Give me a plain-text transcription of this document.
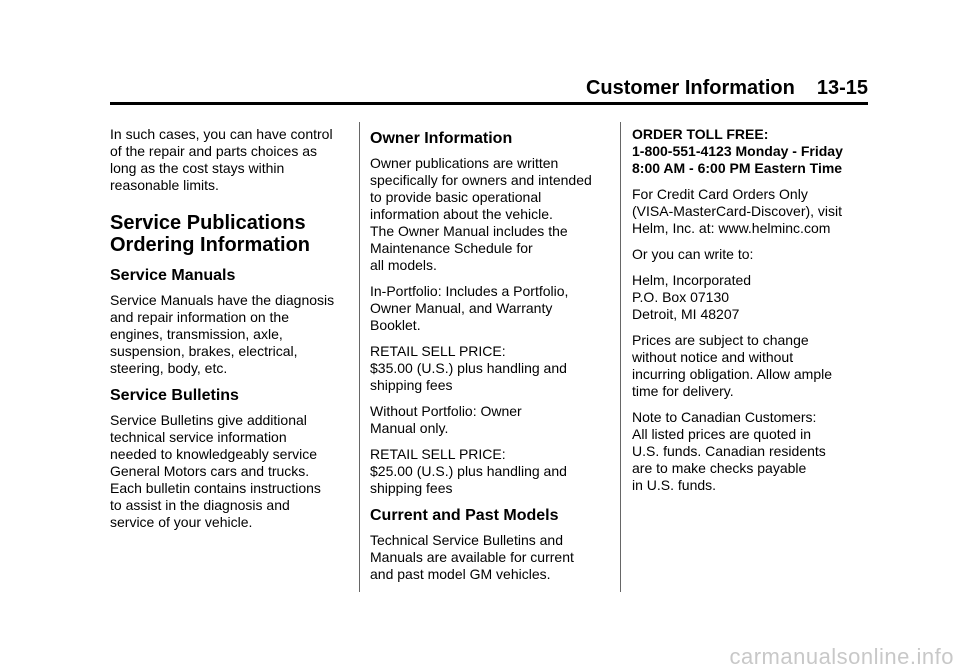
Customer Information 13-15

In such cases, you can have control
of the repair and parts choices as
long as the cost stays within
reasonable limits.

Service Publications
Ordering Information
Service Manuals

Service Manuals have the diagnosis
and repair information on the
engines, transmission, axle,
suspension, brakes, electrical,
steering, body, etc.

Service Bulletins

Service Bulletins give additional
technical service information
needed to knowledgeably service
General Motors cars and trucks.
Each bulletin contains instructions
to assist in the diagnosis and
service of your vehicle.

Owner Information

Owner publications are written
specifically for owners and intended
to provide basic operational
information about the vehicle.
The Owner Manual includes the
Maintenance Schedule for
all models.

In-Portfolio: Includes a Portfolio,
Owner Manual, and Warranty
Booklet.

RETAIL SELL PRICE:
$35.00 (U.S.) plus handling and
shipping fees

Without Portfolio: Owner
Manual only.

RETAIL SELL PRICE:
$25.00 (U.S.) plus handling and
shipping fees

Current and Past Models

Technical Service Bulletins and
Manuals are available for current
and past model GM vehicles.

ORDER TOLL FREE:
1-800-551-4123 Monday - Friday
8:00 AM - 6:00 PM Eastern Time

For Credit Card Orders Only
(VISA-MasterCard-Discover), visit
Helm, Inc. at: www.helminc.com

Or you can write to:

Helm, Incorporated
P.O. Box 07130
Detroit, MI 48207

Prices are subject to change
without notice and without
incurring obligation. Allow ample
time for delivery.

Note to Canadian Customers:
All listed prices are quoted in
U.S. funds. Canadian residents
are to make checks payable
in U.S. funds.

carmanualsonline.info
